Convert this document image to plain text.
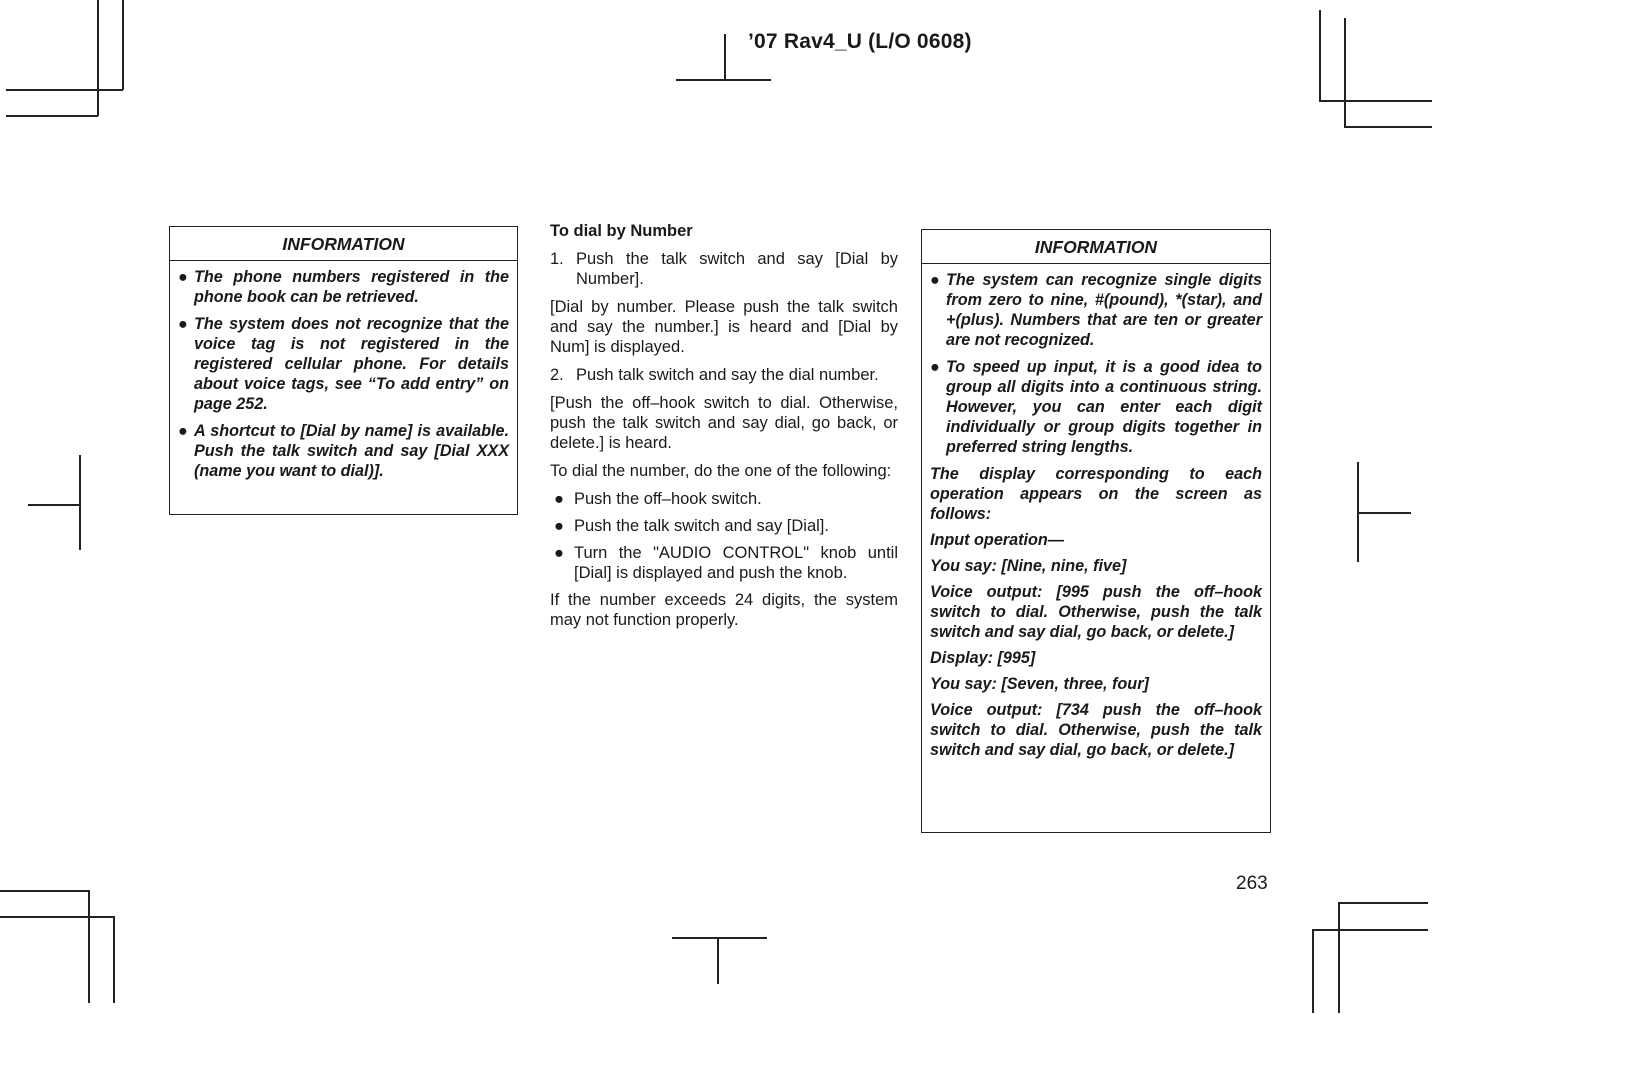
’07 Rav4_U (L/O 0608)
INFORMATION
● The phone numbers registered in the phone book can be retrieved.
● The system does not recognize that the voice tag is not registered in the registered cellular phone. For details about voice tags, see “To add entry” on page 252.
● A shortcut to [Dial by name] is available. Push the talk switch and say [Dial XXX (name you want to dial)].
To dial by Number
1. Push the talk switch and say [Dial by Number].
[Dial by number. Please push the talk switch and say the number.] is heard and [Dial by Num] is displayed.
2. Push talk switch and say the dial number.
[Push the off–hook switch to dial. Otherwise, push the talk switch and say dial, go back, or delete.] is heard.
To dial the number, do the one of the following:
● Push the off–hook switch.
● Push the talk switch and say [Dial].
● Turn the "AUDIO CONTROL" knob until [Dial] is displayed and push the knob.
If the number exceeds 24 digits, the system may not function properly.
INFORMATION
● The system can recognize single digits from zero to nine, #(pound), *(star), and +(plus). Numbers that are ten or greater are not recognized.
● To speed up input, it is a good idea to group all digits into a continuous string. However, you can enter each digit individually or group digits together in preferred string lengths.
The display corresponding to each operation appears on the screen as follows:
Input operation—
You say: [Nine, nine, five]
Voice output: [995 push the off–hook switch to dial. Otherwise, push the talk switch and say dial, go back, or delete.]
Display: [995]
You say: [Seven, three, four]
Voice output: [734 push the off–hook switch to dial. Otherwise, push the talk switch and say dial, go back, or delete.]
263
